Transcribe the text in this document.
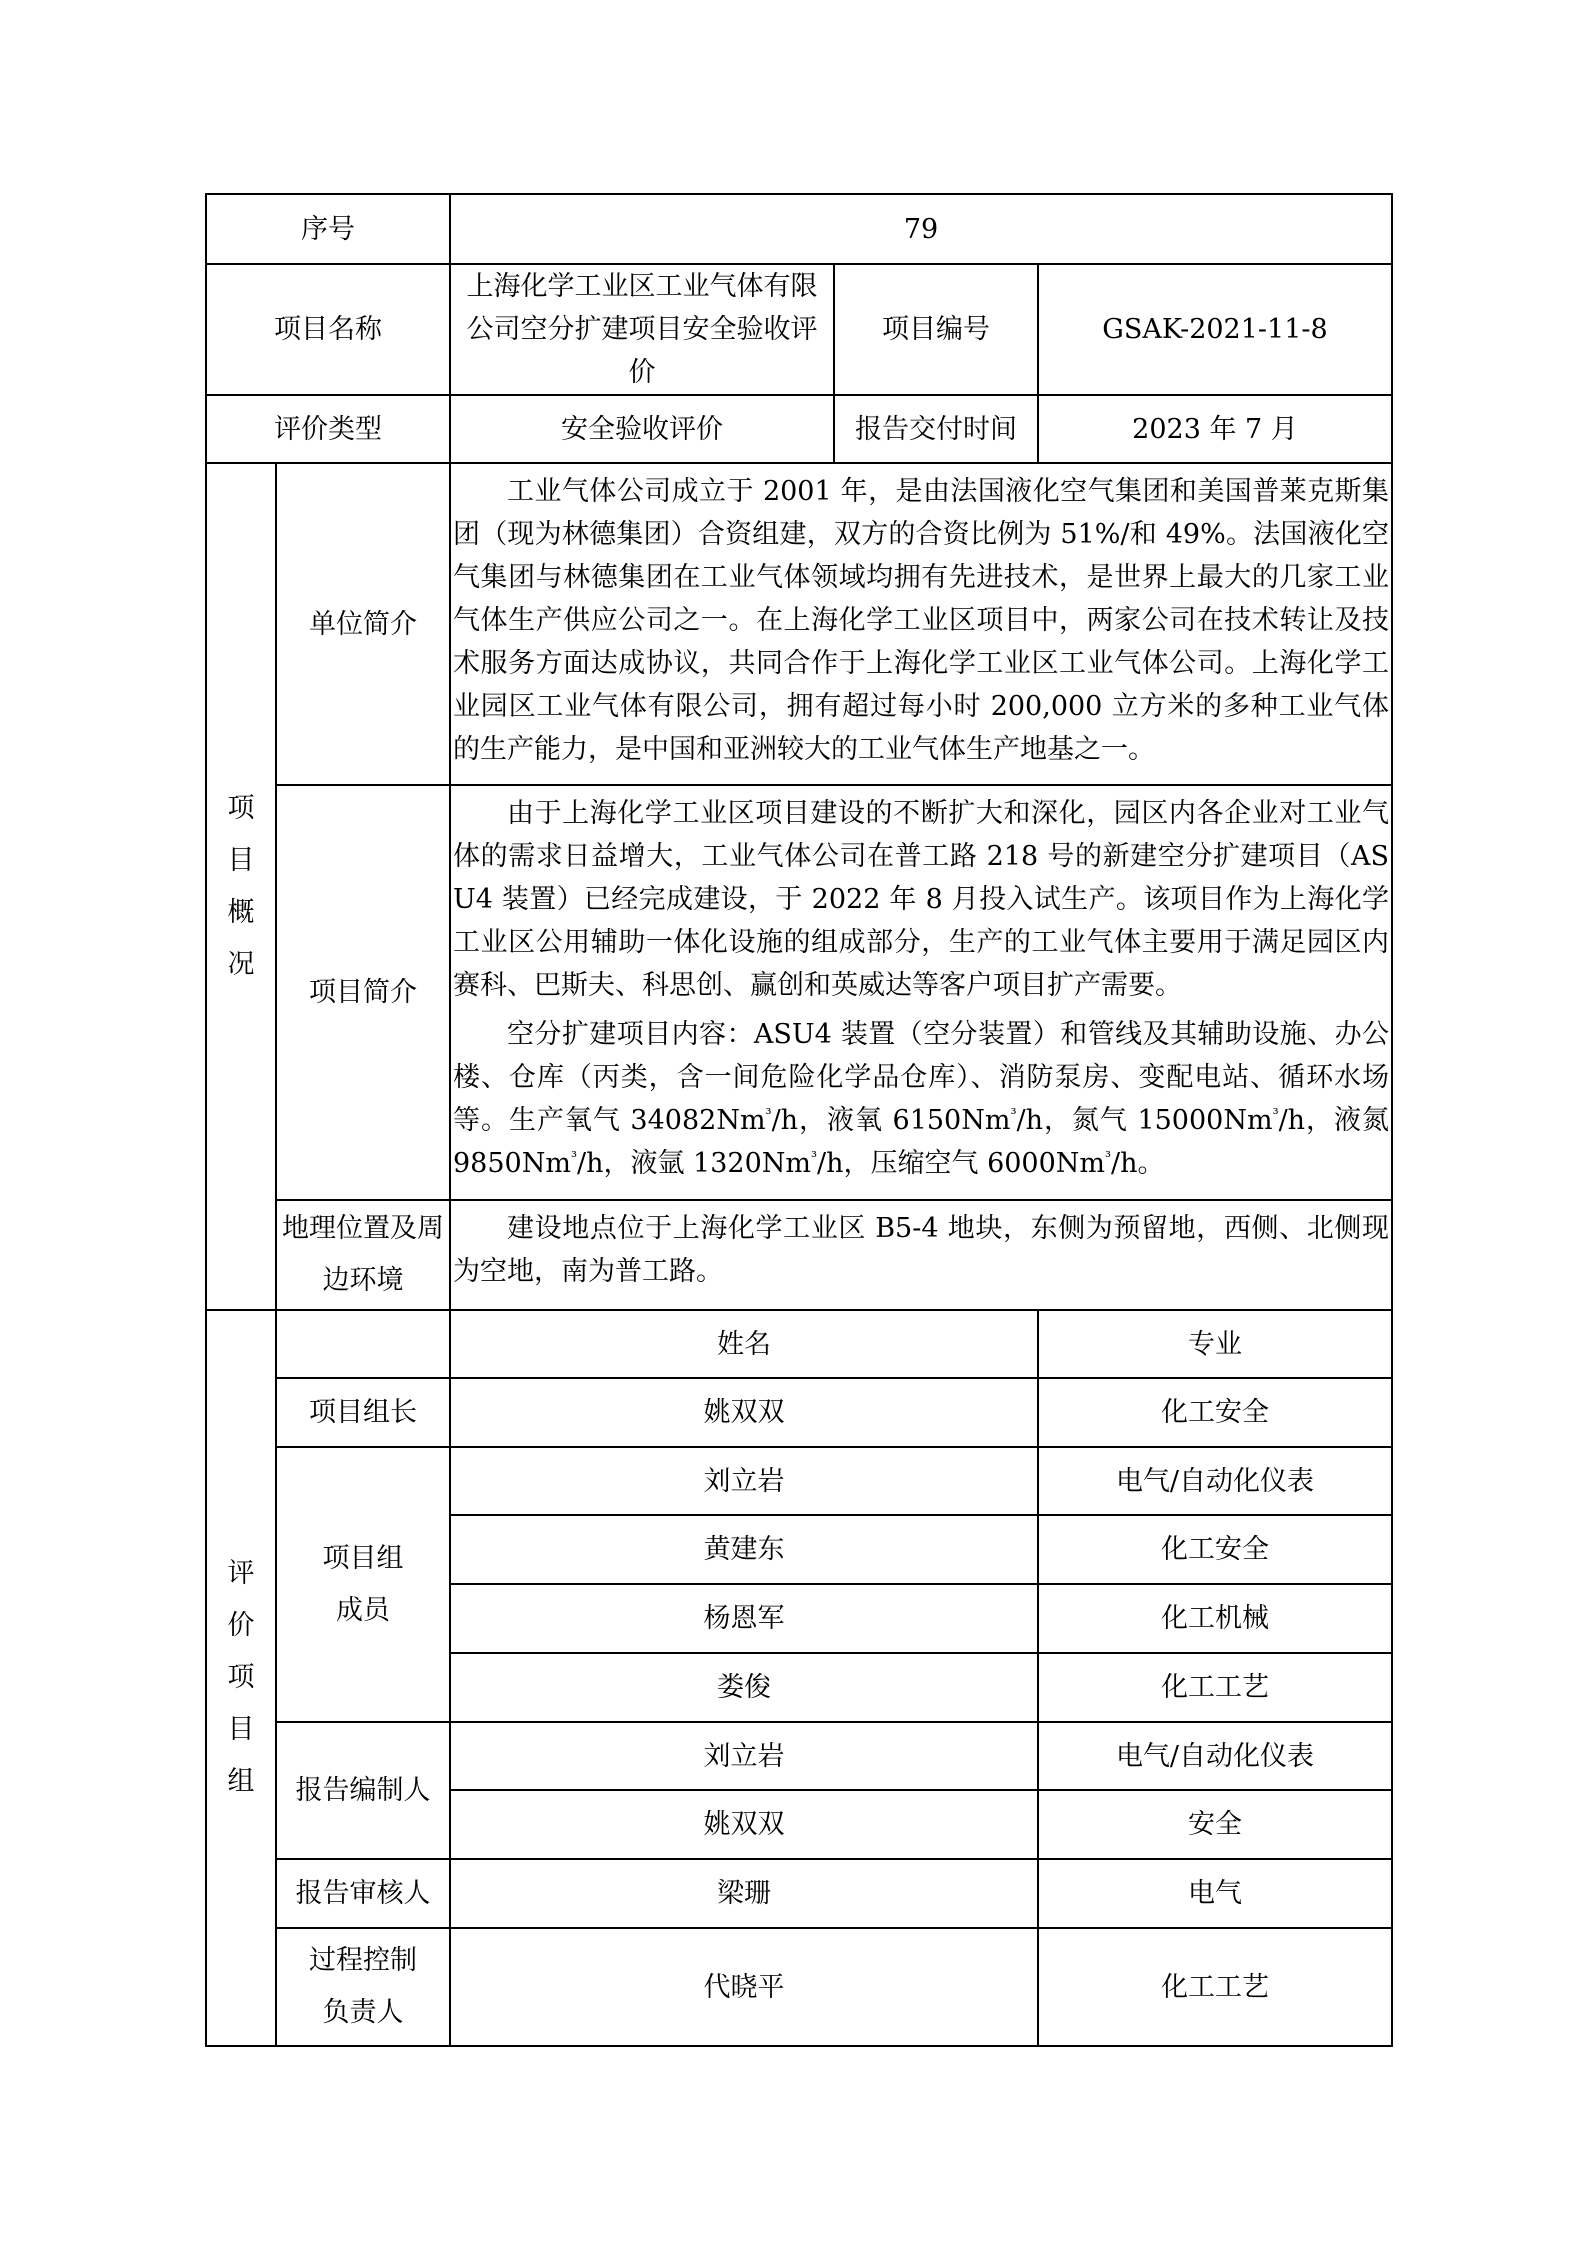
序号		79		
项目名称		上海化学工业区工业气体有限公司空分扩建项目安全验收评价	项目编号	GSAK-2021-11-8
评价类型		安全验收评价	报告交付时间	2023 年 7 月
项目概况	单位简介	工业气体公司成立于 2001 年，是由法国液化空气集团和美国普莱克斯集团（现为林德集团）合资组建，双方的合资比例为 51%/和 49%。法国液化空气集团与林德集团在工业气体领域均拥有先进技术，是世界上最大的几家工业气体生产供应公司之一。在上海化学工业区项目中，两家公司在技术转让及技术服务方面达成协议，共同合作于上海化学工业区工业气体公司。上海化学工业园区工业气体有限公司，拥有超过每小时 200,000 立方米的多种工业气体的生产能力，是中国和亚洲较大的工业气体生产地基之一。		

	项目简介	由于上海化学工业区项目建设的不断扩大和深化，园区内各企业对工业气体的需求日益增大，工业气体公司在普工路 218 号的新建空分扩建项目（ASU4 装置）已经完成建设，于 2022 年 8 月投入试生产。该项目作为上海化学工业区公用辅助一体化设施的组成部分，生产的工业气体主要用于满足园区内赛科、巴斯夫、科思创、赢创和英威达等客户项目扩产需要。

空分扩建项目内容：ASU4 装置（空分装置）和管线及其辅助设施、办公楼、仓库（丙类，含一间危险化学品仓库）、消防泵房、变配电站、循环水场等。生产氧气 $34082Nm^{^3}/h$，液氧 $6150Nm^{^3}/h$，氮气 $15000Nm^{^3}/h$，液氮 $9850Nm^{^3}/h$，液氩 $1320Nm^{^3}/h$，压缩空气 $6000Nm^{^3}/h$。		

	地理位置及周边环境	建设地点位于上海化学工业区 B5-4 地块，东侧为预留地，西侧、北侧现为空地，南为普工路。		

评价项目组		姓名		专业
	项目组长	姚双双		化工安全
	项目组成员	刘立岩		电气/自动化仪表
		黄建东		化工安全
		杨恩军		化工机械
		娄俊		化工工艺
	报告编制人	刘立岩		电气/自动化仪表
		姚双双		安全
	报告审核人	梁珊		电气
	过程控制负责人	代晓平		化工工艺
